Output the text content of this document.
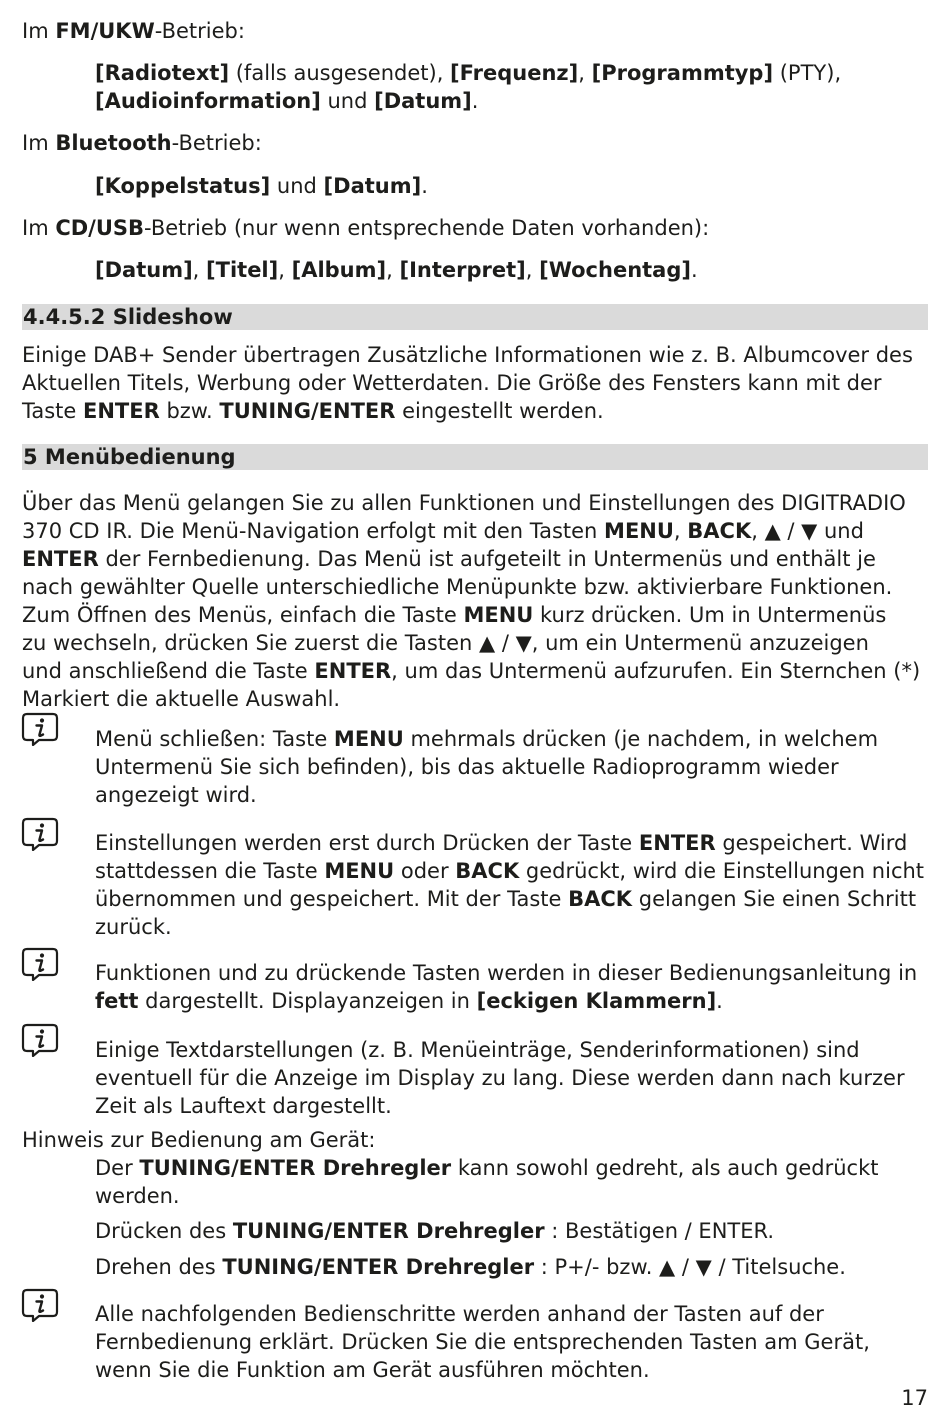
Im FM/UKW-Betrieb:
[Radiotext] (falls ausgesendet), [Frequenz], [Programmtyp] (PTY),
[Audioinformation] und [Datum].
Im Bluetooth-Betrieb:
[Koppelstatus] und [Datum].
Im CD/USB-Betrieb (nur wenn entsprechende Daten vorhanden):
[Datum], [Titel], [Album], [Interpret], [Wochentag].
4.4.5.2 Slideshow
Einige DAB+ Sender übertragen Zusätzliche Informationen wie z. B. Albumcover des
Aktuellen Titels, Werbung oder Wetterdaten. Die Größe des Fensters kann mit der
Taste ENTER bzw. TUNING/ENTER eingestellt werden.
5 Menübedienung
Über das Menü gelangen Sie zu allen Funktionen und Einstellungen des DIGITRADIO
370 CD IR. Die Menü-Navigation erfolgt mit den Tasten MENU, BACK, ▲ / ▼ und
ENTER der Fernbedienung. Das Menü ist aufgeteilt in Untermenüs und enthält je
nach gewählter Quelle unterschiedliche Menüpunkte bzw. aktivierbare Funktionen.
Zum Öffnen des Menüs, einfach die Taste MENU kurz drücken. Um in Untermenüs
zu wechseln, drücken Sie zuerst die Tasten ▲ / ▼, um ein Untermenü anzuzeigen
und anschließend die Taste ENTER, um das Untermenü aufzurufen. Ein Sternchen (*)
Markiert die aktuelle Auswahl.
Menü schließen: Taste MENU mehrmals drücken (je nachdem, in welchem
Untermenü Sie sich befinden), bis das aktuelle Radioprogramm wieder
angezeigt wird.
Einstellungen werden erst durch Drücken der Taste ENTER gespeichert. Wird
stattdessen die Taste MENU oder BACK gedrückt, wird die Einstellungen nicht
übernommen und gespeichert. Mit der Taste BACK gelangen Sie einen Schritt
zurück.
Funktionen und zu drückende Tasten werden in dieser Bedienungsanleitung in
fett dargestellt. Displayanzeigen in [eckigen Klammern].
Einige Textdarstellungen (z. B. Menüeinträge, Senderinformationen) sind
eventuell für die Anzeige im Display zu lang. Diese werden dann nach kurzer
Zeit als Lauftext dargestellt.
Hinweis zur Bedienung am Gerät:
Der TUNING/ENTER Drehregler kann sowohl gedreht, als auch gedrückt
werden.
Drücken des TUNING/ENTER Drehregler : Bestätigen / ENTER.
Drehen des TUNING/ENTER Drehregler : P+/- bzw. ▲ / ▼ / Titelsuche.
Alle nachfolgenden Bedienschritte werden anhand der Tasten auf der
Fernbedienung erklärt. Drücken Sie die entsprechenden Tasten am Gerät,
wenn Sie die Funktion am Gerät ausführen möchten.
17
